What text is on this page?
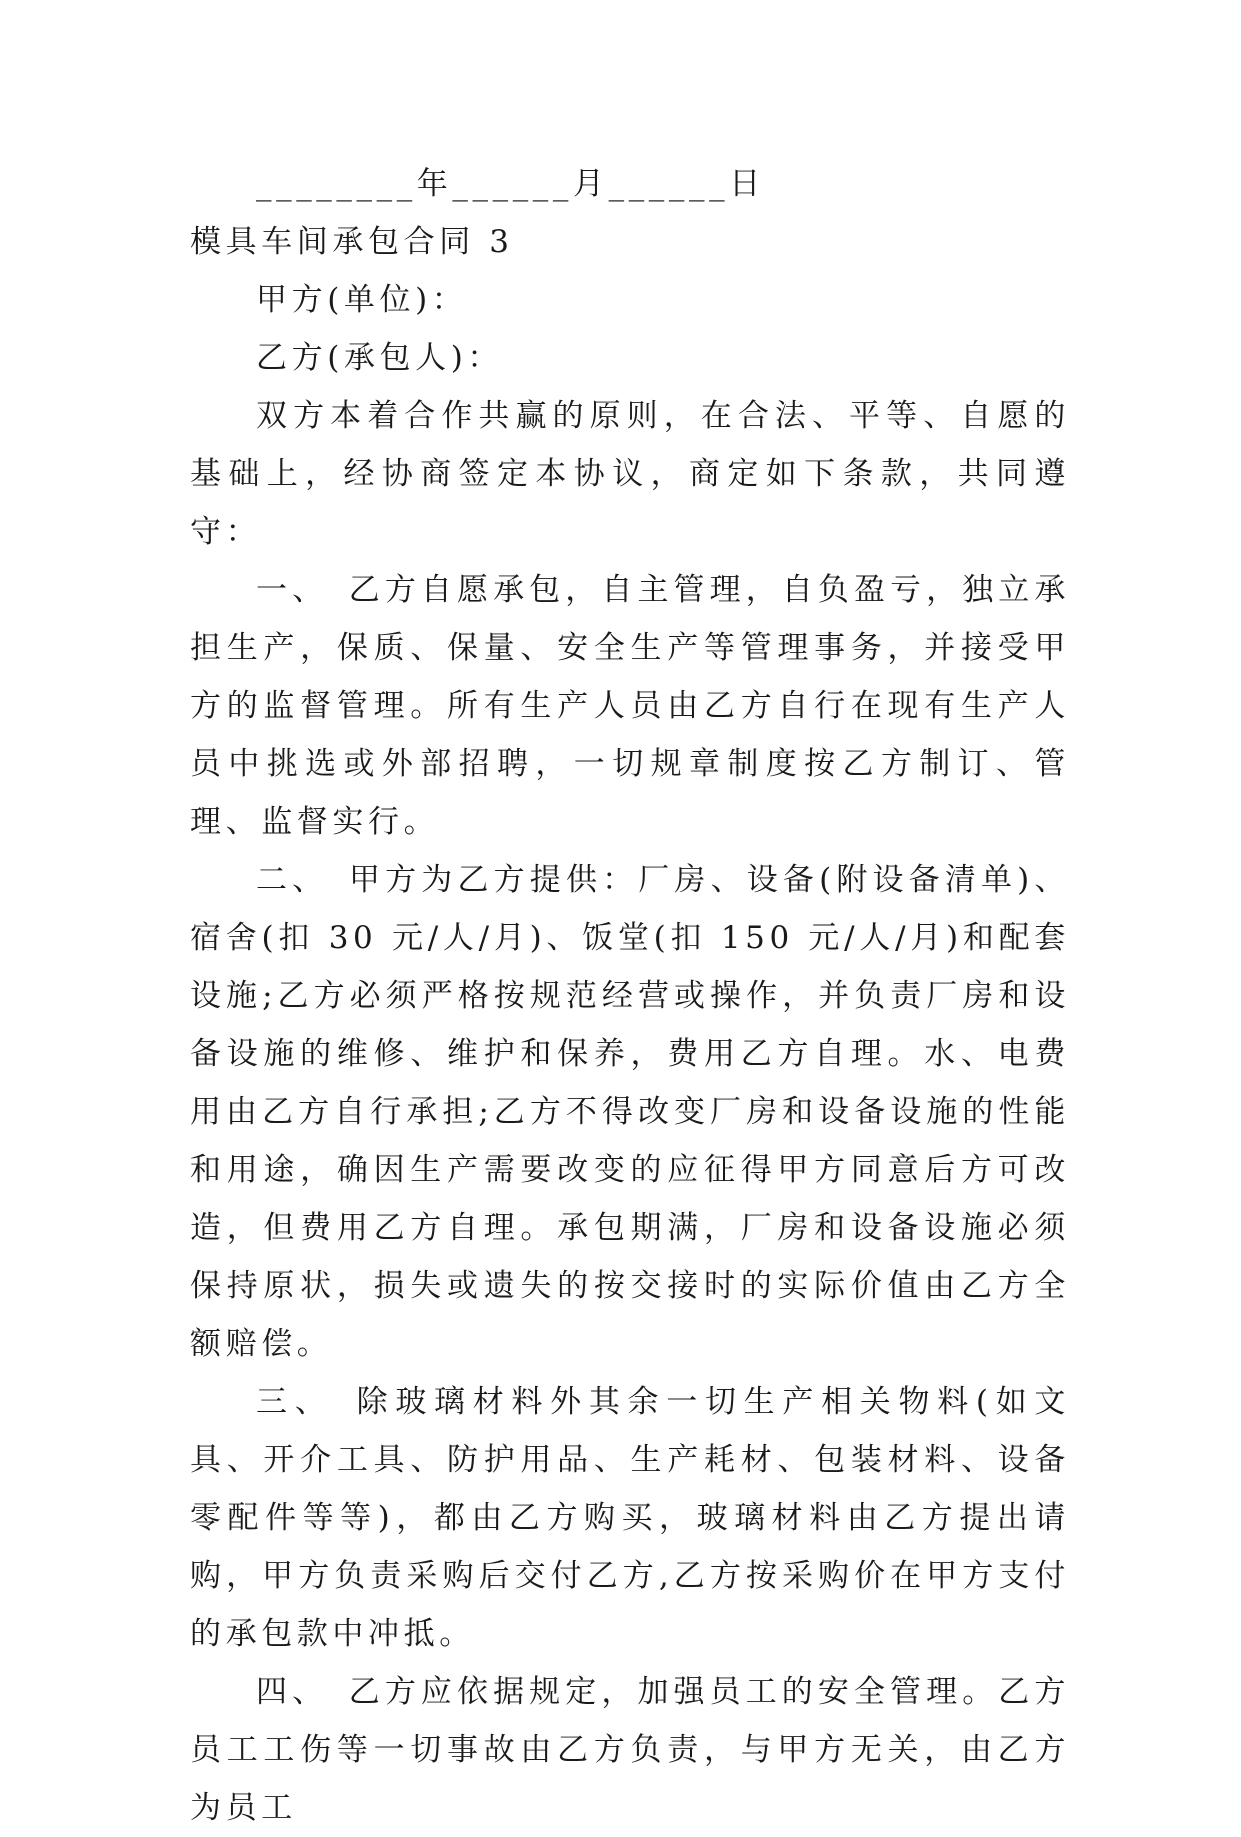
________年______月______日

模具车间承包合同 3

甲方(单位)：

乙方(承包人)：

双方本着合作共赢的原则，在合法、平等、自愿的基础上，经协商签定本协议，商定如下条款，共同遵守：

一、　乙方自愿承包，自主管理，自负盈亏，独立承担生产，保质、保量、安全生产等管理事务，并接受甲方的监督管理。所有生产人员由乙方自行在现有生产人员中挑选或外部招聘，一切规章制度按乙方制订、管理、监督实行。

二、　甲方为乙方提供：厂房、设备(附设备清单)、宿舍(扣 30 元/人/月)、饭堂(扣 150 元/人/月)和配套设施;乙方必须严格按规范经营或操作，并负责厂房和设备设施的维修、维护和保养，费用乙方自理。水、电费用由乙方自行承担;乙方不得改变厂房和设备设施的性能和用途，确因生产需要改变的应征得甲方同意后方可改造，但费用乙方自理。承包期满，厂房和设备设施必须保持原状，损失或遗失的按交接时的实际价值由乙方全额赔偿。

三、　除玻璃材料外其余一切生产相关物料(如文具、开介工具、防护用品、生产耗材、包装材料、设备零配件等等)，都由乙方购买，玻璃材料由乙方提出请购，甲方负责采购后交付乙方,乙方按采购价在甲方支付的承包款中冲抵。

四、　乙方应依据规定，加强员工的安全管理。乙方员工工伤等一切事故由乙方负责，与甲方无关，由乙方为员工
